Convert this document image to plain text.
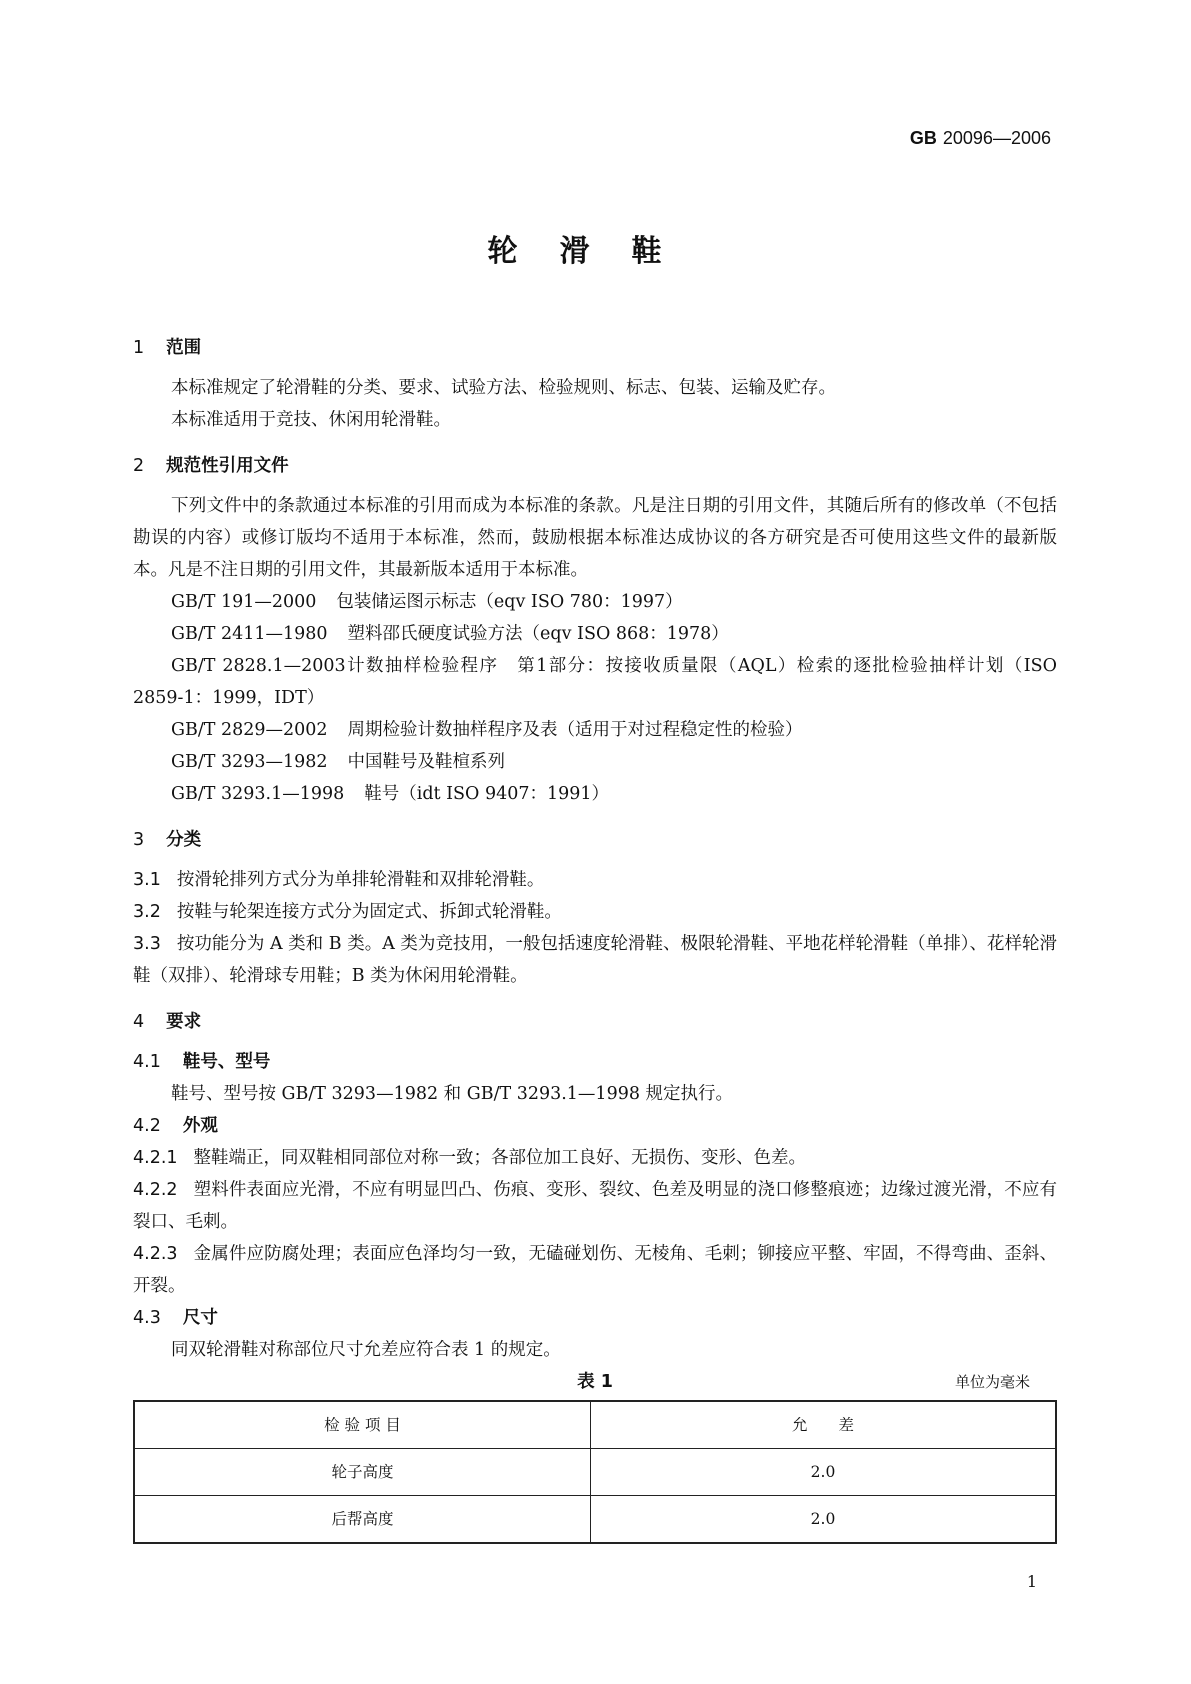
GB 20096—2006
轮滑鞋
1 范围

本标准规定了轮滑鞋的分类、要求、试验方法、检验规则、标志、包装、运输及贮存。

本标准适用于竞技、休闲用轮滑鞋。

2 规范性引用文件

下列文件中的条款通过本标准的引用而成为本标准的条款。凡是注日期的引用文件，其随后所有的修改单（不包括勘误的内容）或修订版均不适用于本标准，然而，鼓励根据本标准达成协议的各方研究是否可使用这些文件的最新版本。凡是不注日期的引用文件，其最新版本适用于本标准。

GB/T 191—2000 包装储运图示标志（eqv ISO 780：1997）

GB/T 2411—1980 塑料邵氏硬度试验方法（eqv ISO 868：1978）

GB/T 2828.1—2003计数抽样检验程序　第1部分：按接收质量限（AQL）检索的逐批检验抽样计划（ISO 2859-1：1999，IDT）

GB/T 2829—2002 周期检验计数抽样程序及表（适用于对过程稳定性的检验）

GB/T 3293—1982 中国鞋号及鞋楦系列

GB/T 3293.1—1998 鞋号（idt ISO 9407：1991）

3 分类

3.1 按滑轮排列方式分为单排轮滑鞋和双排轮滑鞋。

3.2 按鞋与轮架连接方式分为固定式、拆卸式轮滑鞋。

3.3 按功能分为 A 类和 B 类。A 类为竞技用，一般包括速度轮滑鞋、极限轮滑鞋、平地花样轮滑鞋（单排）、花样轮滑鞋（双排）、轮滑球专用鞋；B 类为休闲用轮滑鞋。

4 要求
4.1 鞋号、型号

鞋号、型号按 GB/T 3293—1982 和 GB/T 3293.1—1998 规定执行。

4.2 外观

4.2.1 整鞋端正，同双鞋相同部位对称一致；各部位加工良好、无损伤、变形、色差。

4.2.2 塑料件表面应光滑，不应有明显凹凸、伤痕、变形、裂纹、色差及明显的浇口修整痕迹；边缘过渡光滑，不应有裂口、毛刺。

4.2.3 金属件应防腐处理；表面应色泽均匀一致，无磕碰划伤、无棱角、毛刺；铆接应平整、牢固，不得弯曲、歪斜、开裂。

4.3 尺寸

同双轮滑鞋对称部位尺寸允差应符合表 1 的规定。

表 1	单位为毫米
检 验 项 目	允　　差
轮子高度	2.0
后帮高度	2.0
1
